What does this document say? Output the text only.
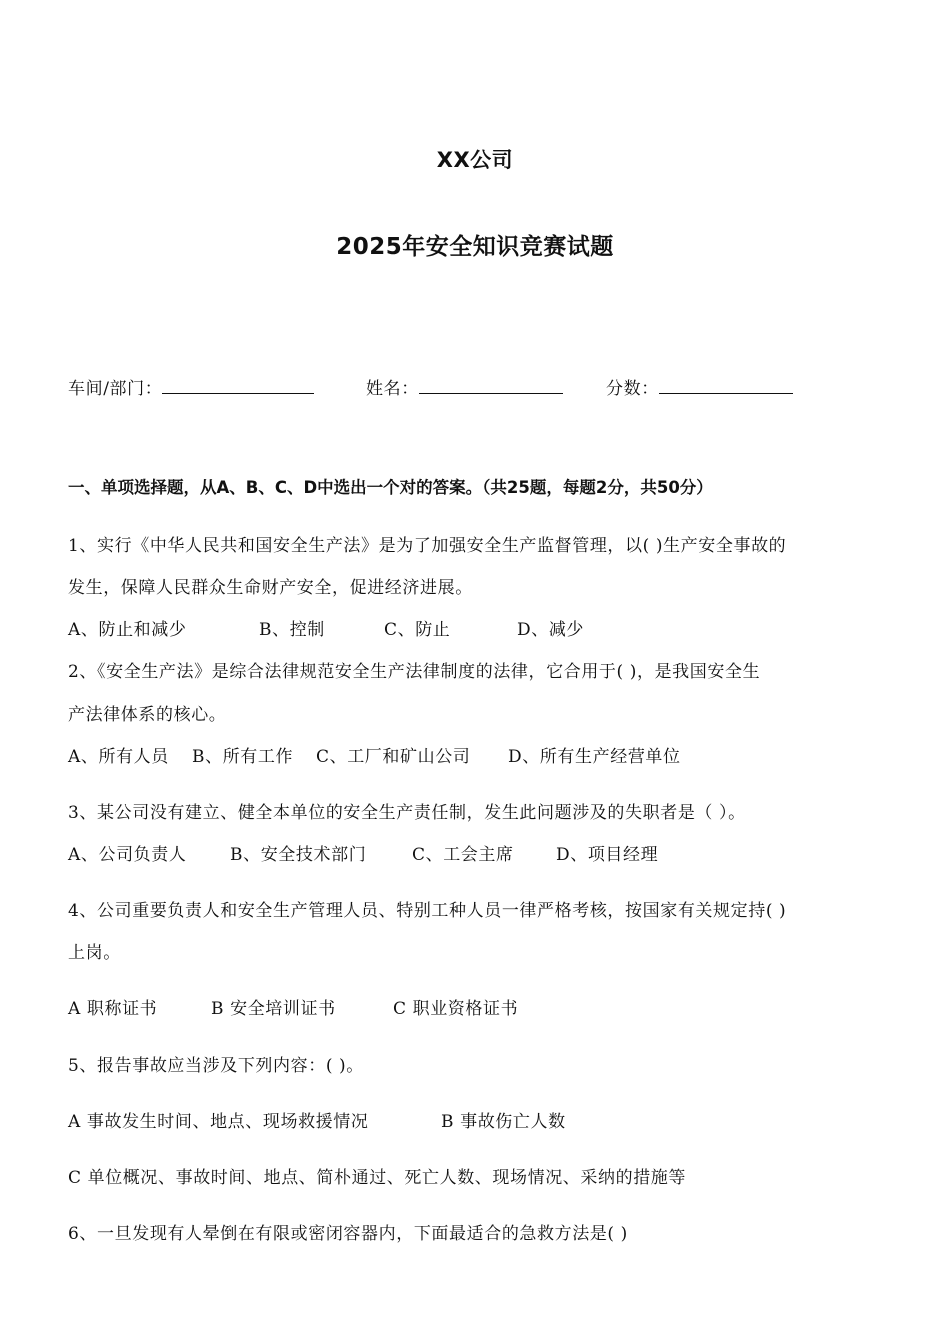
XX公司
2025年安全知识竞赛试题
车间/部门：	姓名：	分数：
一、单项选择题，从A、B、C、D中选出一个对的答案。（共25题，每题2分，共50分）
1、实行《中华人民共和国安全生产法》是为了加强安全生产监督管理，以( )生产安全事故的
发生，保障人民群众生命财产安全，促进经济进展。
A、防止和减少	B、控制	C、防止	D、减少
2、《安全生产法》是综合法律规范安全生产法律制度的法律，它合用于( )，是我国安全生
产法律体系的核心。
A、所有人员 B、所有工作 C、工厂和矿山公司 D、所有生产经营单位
3、某公司没有建立、健全本单位的安全生产责任制，发生此问题涉及的失职者是（ ）。
A、公司负责人	B、安全技术部门	C、工会主席 D、项目经理
4、公司重要负责人和安全生产管理人员、特别工种人员一律严格考核，按国家有关规定持( )
上岗。
A 职称证书	B 安全培训证书	C 职业资格证书
5、报告事故应当涉及下列内容：( )。
A 事故发生时间、地点、现场救援情况	B 事故伤亡人数
C 单位概况、事故时间、地点、简朴通过、死亡人数、现场情况、采纳的措施等
6、一旦发现有人晕倒在有限或密闭容器内，下面最适合的急救方法是( )
